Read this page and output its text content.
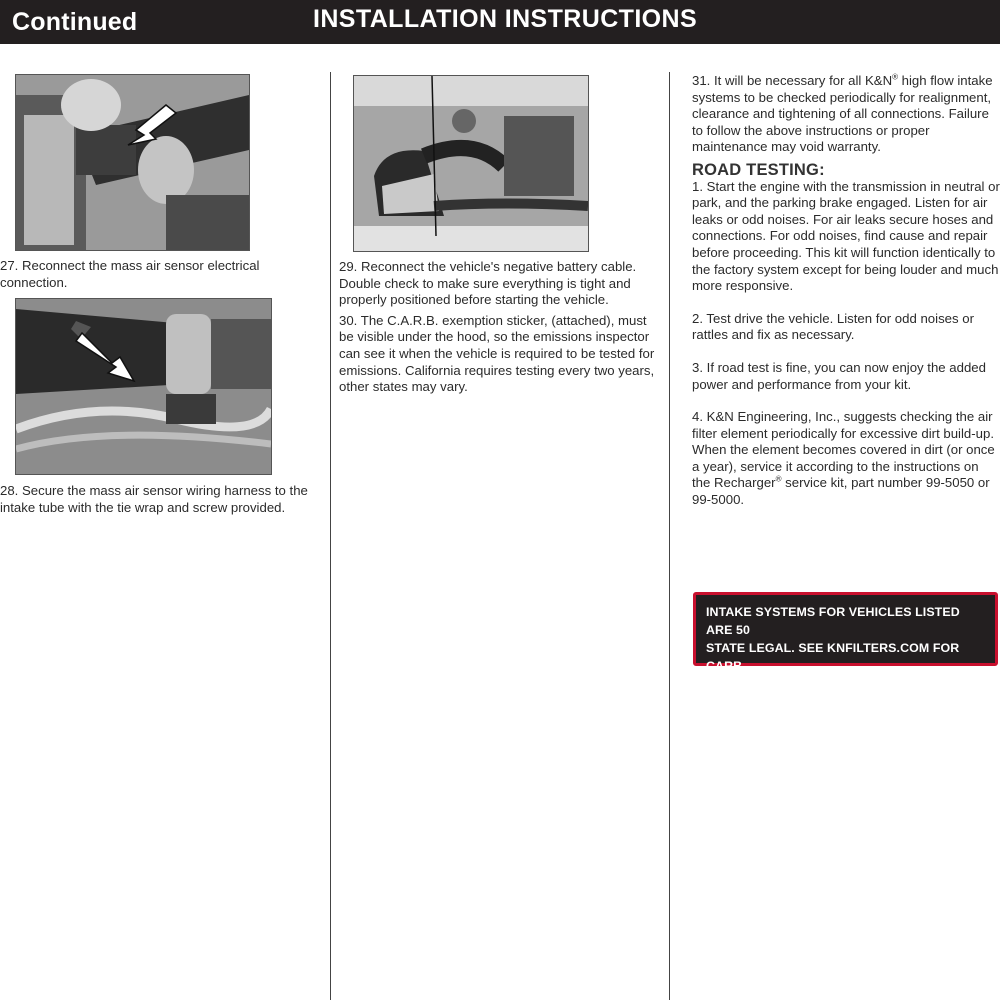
Continued	INSTALLATION INSTRUCTIONS

27. Reconnect the mass air sensor electrical connection.

28. Secure the mass air sensor wiring harness to the intake tube with the tie wrap and screw provided.

29. Reconnect the vehicle's negative battery cable. Double check to make sure everything is tight and properly positioned before starting the vehicle.

30. The C.A.R.B. exemption sticker, (attached), must be visible under the hood, so the emissions inspector can see it when the vehicle is required to be tested for emissions. California requires testing every two years, other states may vary.

31. It will be necessary for all K&N® high flow intake systems to be checked periodically for realignment, clearance and tightening of all connections. Failure to follow the above instructions or proper maintenance may void warranty.

ROAD TESTING:

1. Start the engine with the transmission in neutral or park, and the parking brake engaged. Listen for air leaks or odd noises. For air leaks secure hoses and connections. For odd noises, find cause and repair before proceeding. This kit will function identically to the factory system except for being louder and much more responsive.

2. Test drive the vehicle. Listen for odd noises or rattles and fix as necessary.

3. If road test is fine, you can now enjoy the added power and performance from your kit.

4. K&N Engineering, Inc., suggests checking the air filter element periodically for excessive dirt build-up. When the element becomes covered in dirt (or once a year), service it according to the instructions on the Recharger® service kit, part number 99-5050 or
99-5000.

INTAKE SYSTEMS FOR VEHICLES LISTED ARE 50
STATE LEGAL. SEE KNFILTERS.COM FOR CARB
STATUS ON EACH PART FOR A SPECIFIC VEHICLE.
